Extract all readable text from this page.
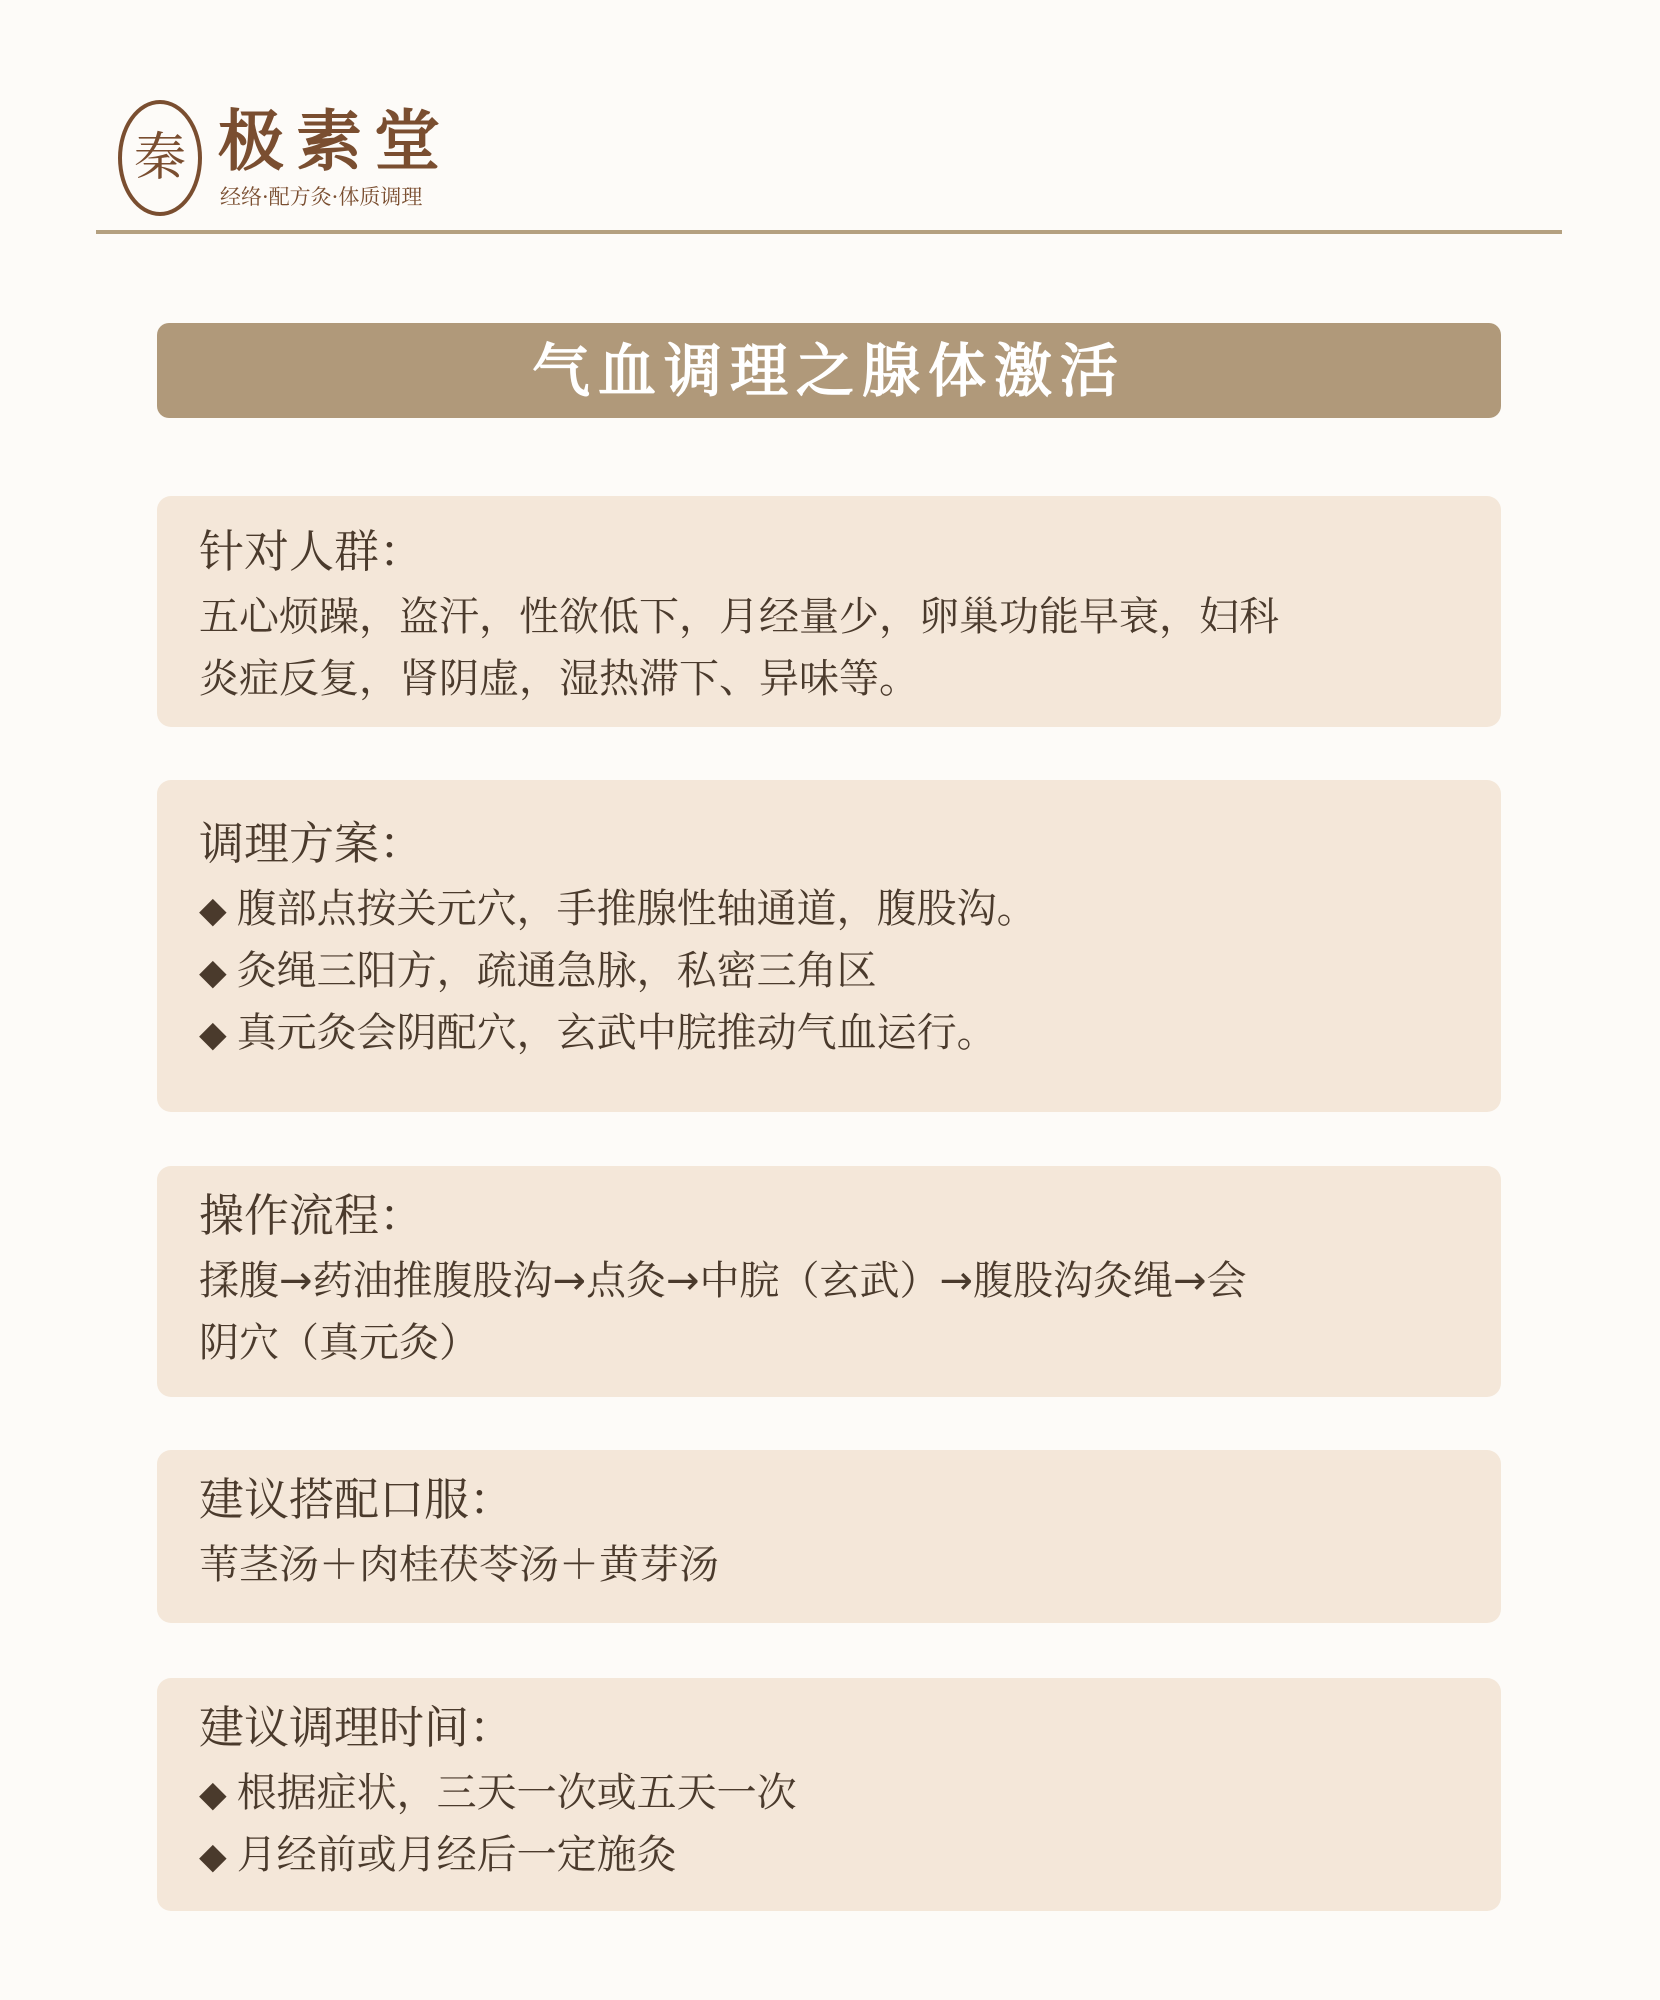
秦 极素堂
经络·配方灸·体质调理
气血调理之腺体激活
针对人群：

五心烦躁，盗汗，性欲低下，月经量少，卵巢功能早衰，妇科

炎症反复，肾阴虚，湿热滞下、异味等。

调理方案：

◆ 腹部点按关元穴，手推腺性轴通道，腹股沟。

◆ 灸绳三阳方，疏通急脉，私密三角区

◆ 真元灸会阴配穴，玄武中脘推动气血运行。

操作流程：

揉腹→药油推腹股沟→点灸→中脘（玄武）→腹股沟灸绳→会

阴穴（真元灸）

建议搭配口服：

苇茎汤＋肉桂茯苓汤＋黄芽汤

建议调理时间：

◆ 根据症状，三天一次或五天一次

◆ 月经前或月经后一定施灸
